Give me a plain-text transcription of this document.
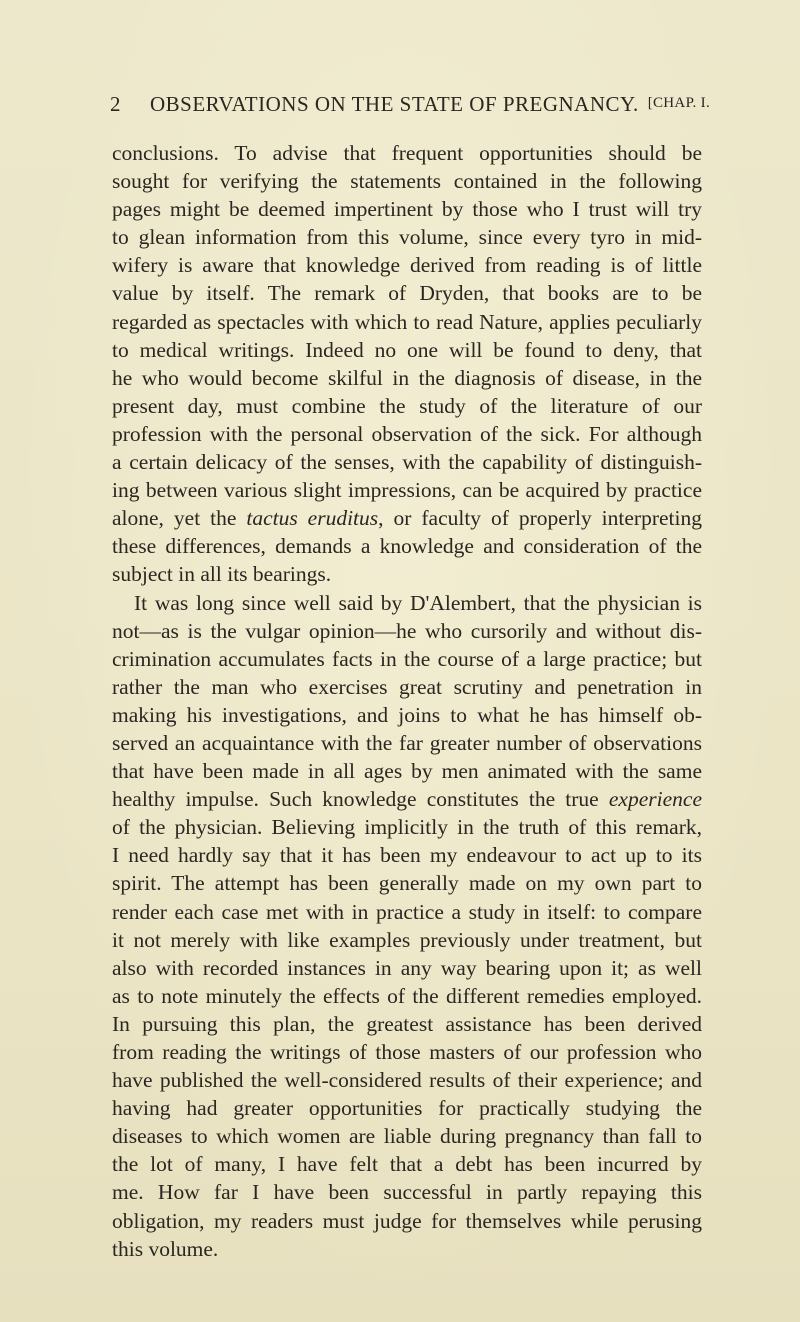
2 OBSERVATIONS ON THE STATE OF PREGNANCY. [CHAP. I.
conclusions. To advise that frequent opportunities should be
sought for verifying the statements contained in the following
pages might be deemed impertinent by those who I trust will try
to glean information from this volume, since every tyro in mid-
wifery is aware that knowledge derived from reading is of little
value by itself. The remark of Dryden, that books are to be
regarded as spectacles with which to read Nature, applies peculiarly
to medical writings. Indeed no one will be found to deny, that
he who would become skilful in the diagnosis of disease, in the
present day, must combine the study of the literature of our
profession with the personal observation of the sick. For although
a certain delicacy of the senses, with the capability of distinguish-
ing between various slight impressions, can be acquired by practice
alone, yet the tactus eruditus, or faculty of properly interpreting
these differences, demands a knowledge and consideration of the
subject in all its bearings.
It was long since well said by D'Alembert, that the physician is
not—as is the vulgar opinion—he who cursorily and without dis-
crimination accumulates facts in the course of a large practice; but
rather the man who exercises great scrutiny and penetration in
making his investigations, and joins to what he has himself ob-
served an acquaintance with the far greater number of observations
that have been made in all ages by men animated with the same
healthy impulse. Such knowledge constitutes the true experience
of the physician. Believing implicitly in the truth of this remark,
I need hardly say that it has been my endeavour to act up to its
spirit. The attempt has been generally made on my own part to
render each case met with in practice a study in itself: to compare
it not merely with like examples previously under treatment, but
also with recorded instances in any way bearing upon it; as well
as to note minutely the effects of the different remedies employed.
In pursuing this plan, the greatest assistance has been derived
from reading the writings of those masters of our profession who
have published the well-considered results of their experience; and
having had greater opportunities for practically studying the
diseases to which women are liable during pregnancy than fall to
the lot of many, I have felt that a debt has been incurred by
me. How far I have been successful in partly repaying this
obligation, my readers must judge for themselves while perusing
this volume.
